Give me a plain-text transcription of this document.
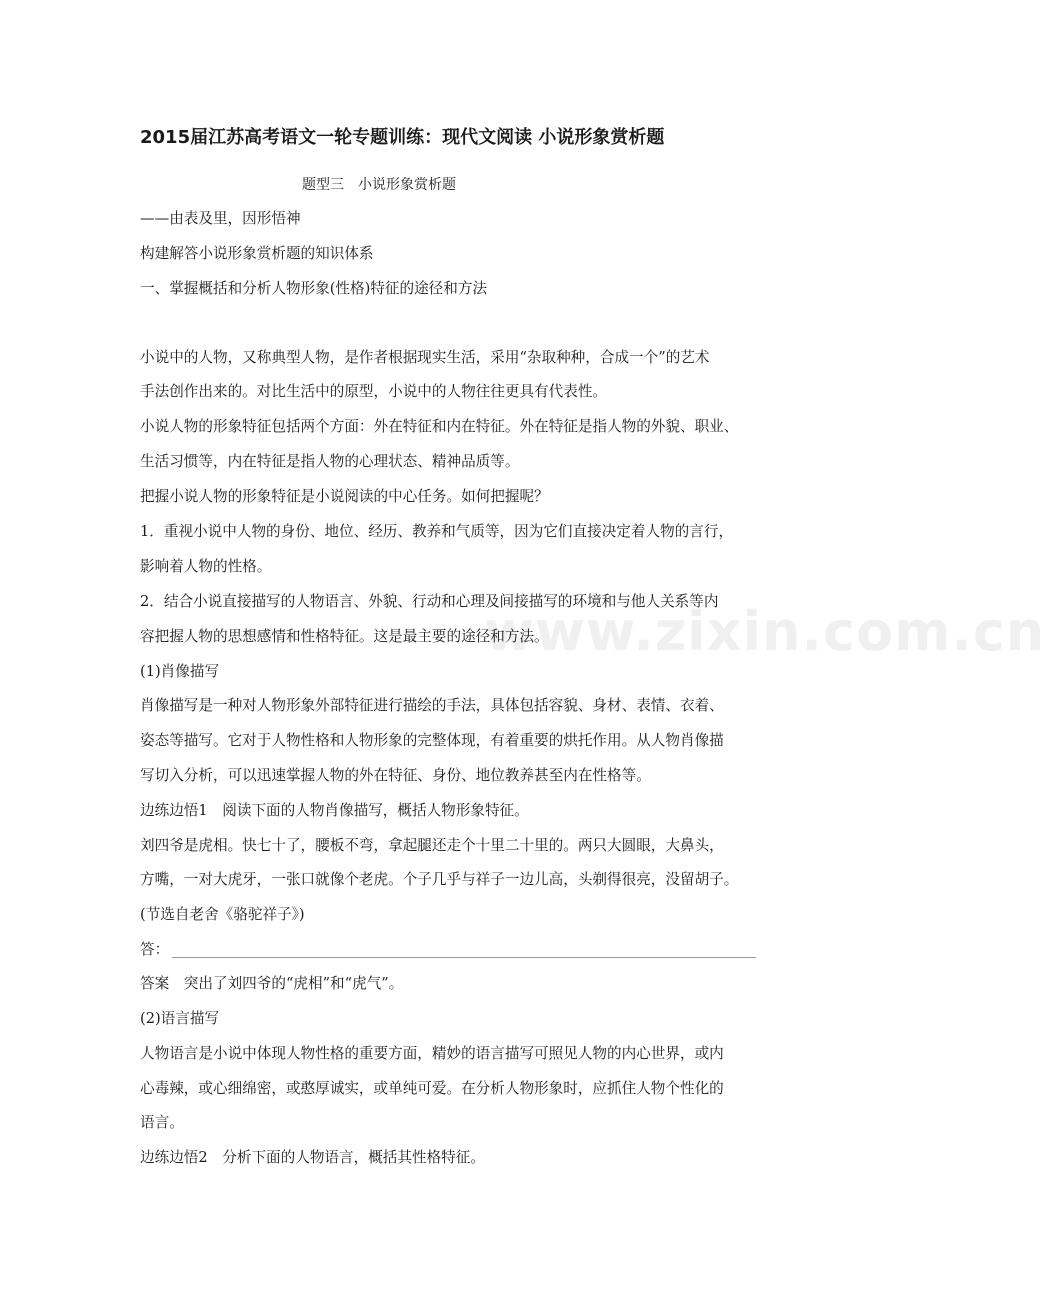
www.zixin.com.cn
2015届江苏高考语文一轮专题训练：现代文阅读 小说形象赏析题
题型三　小说形象赏析题
——由表及里，因形悟神
构建解答小说形象赏析题的知识体系
一、掌握概括和分析人物形象(性格)特征的途径和方法
小说中的人物，又称典型人物，是作者根据现实生活，采用“杂取种种，合成一个”的艺术
手法创作出来的。对比生活中的原型，小说中的人物往往更具有代表性。
小说人物的形象特征包括两个方面：外在特征和内在特征。外在特征是指人物的外貌、职业、
生活习惯等，内在特征是指人物的心理状态、精神品质等。
把握小说人物的形象特征是小说阅读的中心任务。如何把握呢？
1．重视小说中人物的身份、地位、经历、教养和气质等，因为它们直接决定着人物的言行，
影响着人物的性格。
2．结合小说直接描写的人物语言、外貌、行动和心理及间接描写的环境和与他人关系等内
容把握人物的思想感情和性格特征。这是最主要的途径和方法。
(1)肖像描写
肖像描写是一种对人物形象外部特征进行描绘的手法，具体包括容貌、身材、表情、衣着、
姿态等描写。它对于人物性格和人物形象的完整体现，有着重要的烘托作用。从人物肖像描
写切入分析，可以迅速掌握人物的外在特征、身份、地位教养甚至内在性格等。
边练边悟1　阅读下面的人物肖像描写，概括人物形象特征。
刘四爷是虎相。快七十了，腰板不弯，拿起腿还走个十里二十里的。两只大圆眼，大鼻头，
方嘴，一对大虎牙，一张口就像个老虎。个子几乎与祥子一边儿高，头剃得很亮，没留胡子。
(节选自老舍《骆驼祥子》)
答：
答案　突出了刘四爷的“虎相”和“虎气”。
(2)语言描写
人物语言是小说中体现人物性格的重要方面，精妙的语言描写可照见人物的内心世界，或内
心毒辣，或心细绵密，或憨厚诚实，或单纯可爱。在分析人物形象时，应抓住人物个性化的
语言。
边练边悟2　分析下面的人物语言，概括其性格特征。
